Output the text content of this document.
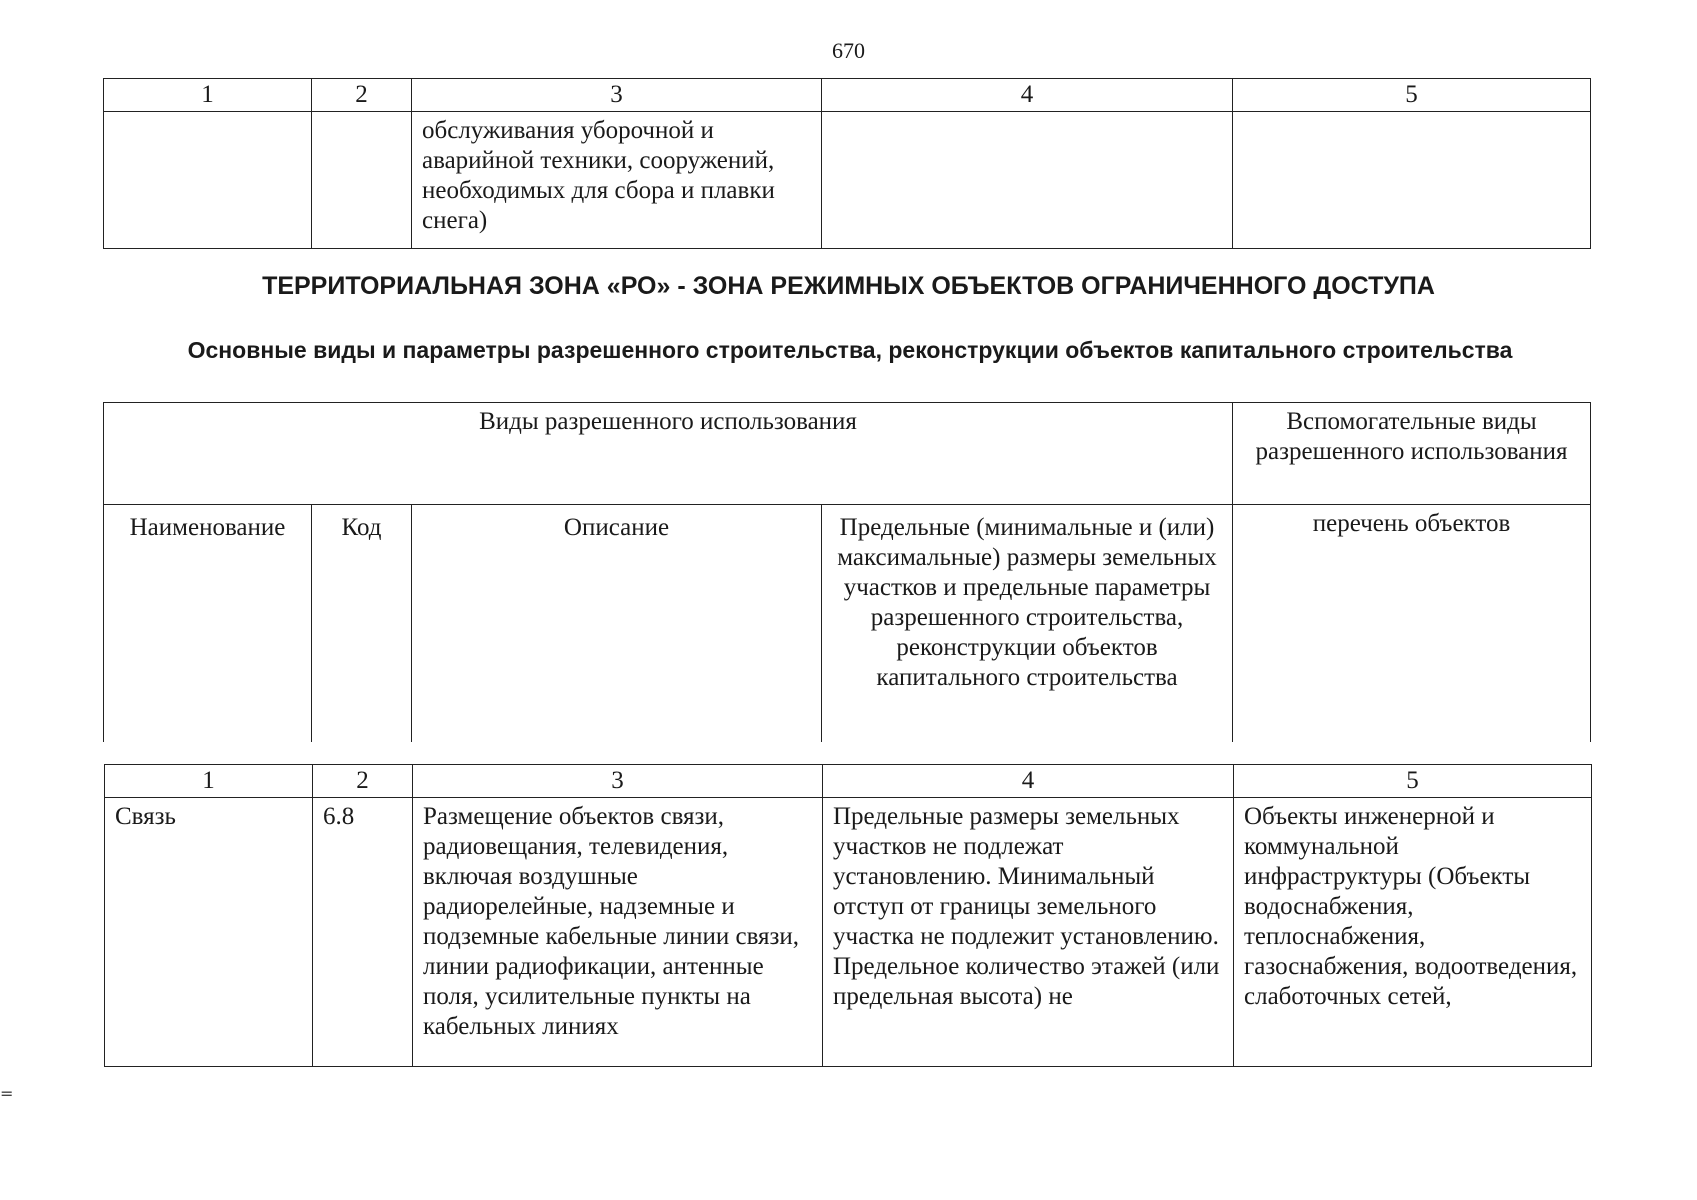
670
1	2	3	4	5
		обслуживания уборочной и аварийной техники, сооружений, необходимых для сбора и плавки снега)		
ТЕРРИТОРИАЛЬНАЯ ЗОНА «РО» - ЗОНА РЕЖИМНЫХ ОБЪЕКТОВ ОГРАНИЧЕННОГО ДОСТУПА
Основные виды и параметры разрешенного строительства, реконструкции объектов капитального строительства
Виды разрешенного использования				Вспомогательные виды разрешенного использования
Наименование	Код	Описание	Предельные (минимальные и (или) максимальные) размеры земельных участков и предельные параметры разрешенного строительства, реконструкции объектов капитального строительства	перечень объектов
1	2	3	4	5
Связь	6.8	Размещение объектов связи, радиовещания, телевидения, включая воздушные радиорелейные, надземные и подземные кабельные линии связи, линии радиофикации, антенные поля, усилительные пункты на кабельных линиях	Предельные размеры земельных участков не подлежат установлению. Минимальный отступ от границы земельного участка не подлежит установлению. Предельное количество этажей (или предельная высота) не	Объекты инженерной и коммунальной инфраструктуры (Объекты водоснабжения, теплоснабжения, газоснабжения, водоотведения, слаботочных сетей,
=
